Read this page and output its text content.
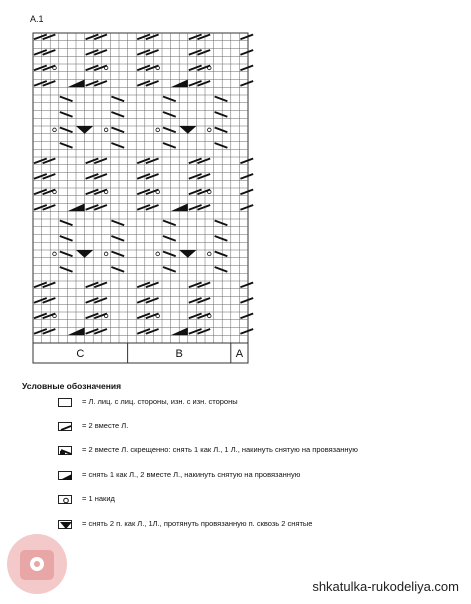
A.1
C	B	A
Условные обозначения
= Л. лиц. с лиц. стороны, изн. с изн. стороны
= 2 вместе Л.
= 2 вместе Л. скрещенно: снять 1 как Л., 1 Л., накинуть снятую на провязанную
= снять 1 как Л., 2 вместе Л., накинуть снятую на провязанную
= 1 накид
= снять 2 п. как Л., 1Л., протянуть провязанную п. сквозь 2 снятые
shkatulka-rukodeliya.com
